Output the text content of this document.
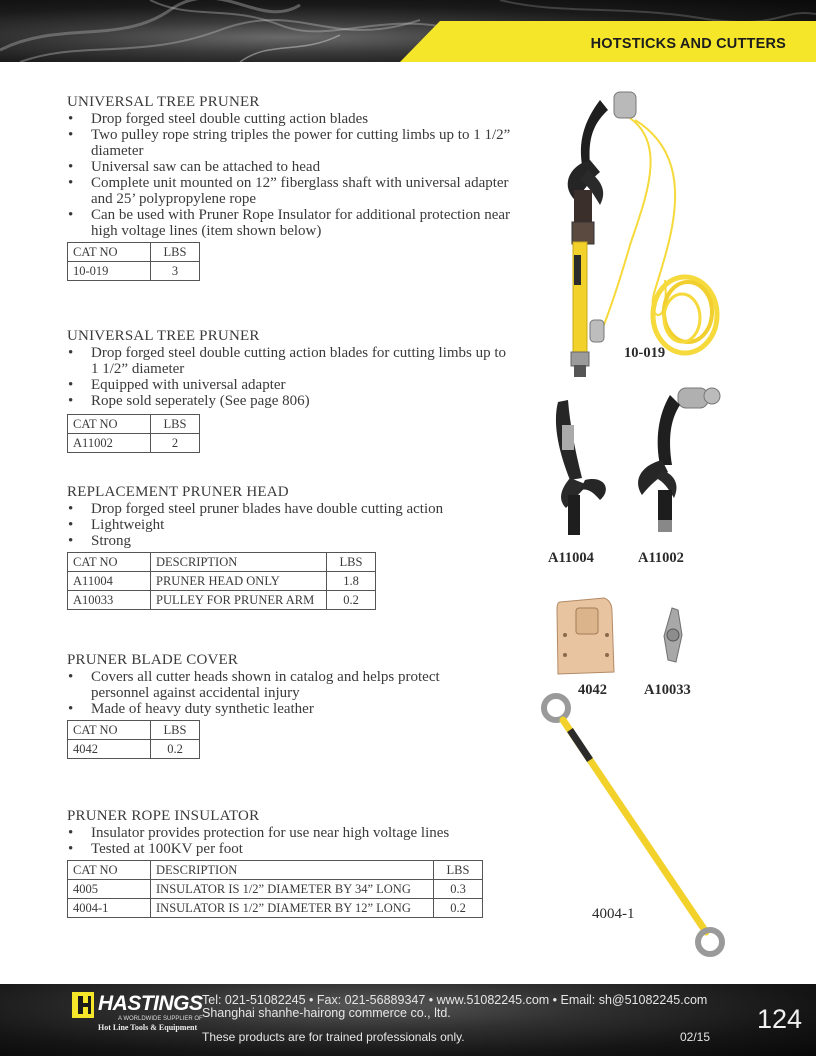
HOTSTICKS AND CUTTERS
UNIVERSAL TREE PRUNER
• Drop forged steel double cutting action blades
• Two pulley rope string triples the power for cutting limbs up to 1 1/2” diameter
• Universal saw can be attached to head
• Complete unit mounted on 12” fiberglass shaft with universal adapter and 25’ polypropylene rope
• Can be used with Pruner Rope Insulator for additional protection near high voltage lines (item shown below)
CAT NO	LBS
10-019	3
UNIVERSAL TREE PRUNER
• Drop forged steel double cutting action blades for cutting limbs up to 1 1/2” diameter
• Equipped with universal adapter
• Rope sold seperately (See page 806)
CAT NO	LBS
A11002	2
REPLACEMENT PRUNER HEAD
• Drop forged steel pruner blades have double cutting action
• Lightweight
• Strong
CAT NO	DESCRIPTION	LBS
A11004	PRUNER HEAD ONLY	1.8
A10033	PULLEY FOR PRUNER ARM	0.2
PRUNER BLADE COVER
• Covers all cutter heads shown in catalog and helps protect personnel against accidental injury
• Made of heavy duty synthetic leather
CAT NO	LBS
4042	0.2
PRUNER ROPE INSULATOR
• Insulator provides protection for use near high voltage lines
• Tested at 100KV per foot
CAT NO	DESCRIPTION	LBS
4005	INSULATOR IS 1/2” DIAMETER BY 34” LONG	0.3
4004-1	INSULATOR IS 1/2” DIAMETER BY 12” LONG	0.2
10-019
A11004	A11002
4042	A10033
4004-1
HASTINGS
A WORLDWIDE SUPPLIER OF
Hot Line Tools & Equipment
Tel: 021-51082245 • Fax: 021-56889347 • www.51082245.com • Email: sh@51082245.com
Shanghai shanhe-hairong commerce co., ltd.
These products are for trained professionals only.	02/15
124
